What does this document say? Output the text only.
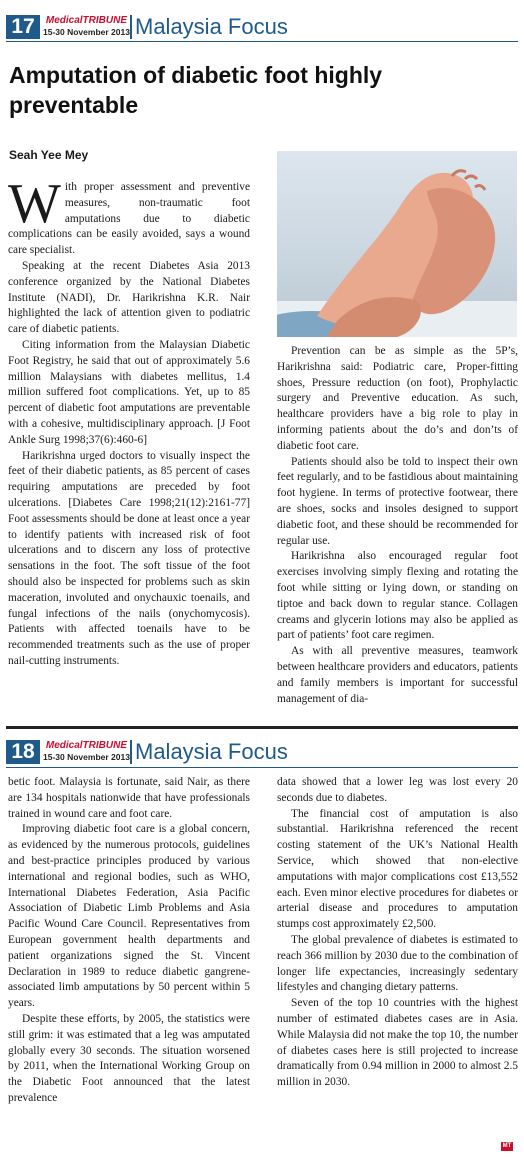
17	MedicalTRIBUNE
15-30 November 2013 Malaysia Focus
Amputation of diabetic foot highly preventable
Seah Yee Mey

With proper assessment and preventive measures, non-traumatic foot amputations due to diabetic complications can be easily avoided, says a wound care specialist.

Speaking at the recent Diabetes Asia 2013 conference organized by the National Diabetes Institute (NADI), Dr. Harikrishna K.R. Nair highlighted the lack of attention given to podiatric care of diabetic patients.

Citing information from the Malaysian Diabetic Foot Registry, he said that out of approximately 5.6 million Malaysians with diabetes mellitus, 1.4 million suffered foot complications. Yet, up to 85 percent of diabetic foot amputations are preventable with a cohesive, multidisciplinary approach. [J Foot Ankle Surg 1998;37(6):460-6]

Harikrishna urged doctors to visually inspect the feet of their diabetic patients, as 85 percent of cases requiring amputations are preceded by foot ulcerations. [Diabetes Care 1998;21(12):2161-77] Foot assessments should be done at least once a year to identify patients with increased risk of foot ulcerations and to discern any loss of protective sensations in the foot. The soft tissue of the foot should also be inspected for problems such as skin maceration, involuted and onychauxic toenails, and fungal infections of the nails (onychomycosis). Patients with affected toenails have to be recommended treatments such as the use of proper nail-cutting instruments.

Prevention can be as simple as the 5P’s, Harikrishna said: Podiatric care, Proper-fitting shoes, Pressure reduction (on foot), Prophylactic surgery and Preventive education. As such, healthcare providers have a big role to play in informing patients about the do’s and don’ts of diabetic foot care.

Patients should also be told to inspect their own feet regularly, and to be fastidious about maintaining foot hygiene. In terms of protective footwear, there are shoes, socks and insoles designed to support diabetic foot, and these should be recommended for regular use.

Harikrishna also encouraged regular foot exercises involving simply flexing and rotating the foot while sitting or lying down, or standing on tiptoe and back down to regular stance. Collagen creams and glycerin lotions may also be applied as part of patients’ foot care regimen.

As with all preventive measures, teamwork between healthcare providers and educators, patients and family members is important for successful management of dia-

18	MedicalTRIBUNE
15-30 November 2013 Malaysia Focus

betic foot. Malaysia is fortunate, said Nair, as there are 134 hospitals nationwide that have professionals trained in wound care and foot care.

Improving diabetic foot care is a global concern, as evidenced by the numerous protocols, guidelines and best-practice principles produced by various international and regional bodies, such as WHO, International Diabetes Federation, Asia Pacific Association of Diabetic Limb Problems and Asia Pacific Wound Care Council. Representatives from European government health departments and patient organizations signed the St. Vincent Declaration in 1989 to reduce diabetic gangrene-associated limb amputations by 50 percent within 5 years.

Despite these efforts, by 2005, the statistics were still grim: it was estimated that a leg was amputated globally every 30 seconds. The situation worsened by 2011, when the International Working Group on the Diabetic Foot announced that the latest prevalence

data showed that a lower leg was lost every 20 seconds due to diabetes.

The financial cost of amputation is also substantial. Harikrishna referenced the recent costing statement of the UK’s National Health Service, which showed that non-elective amputations with major complications cost £13,552 each. Even minor elective procedures for diabetes or arterial disease and procedures to amputation stumps cost approximately £2,500.

The global prevalence of diabetes is estimated to reach 366 million by 2030 due to the combination of longer life expectancies, increasingly sedentary lifestyles and changing dietary patterns.

Seven of the top 10 countries with the highest number of estimated diabetes cases are in Asia. While Malaysia did not make the top 10, the number of diabetes cases here is still projected to increase dramatically from 0.94 million in 2000 to almost 2.5 million in 2030.

MT
